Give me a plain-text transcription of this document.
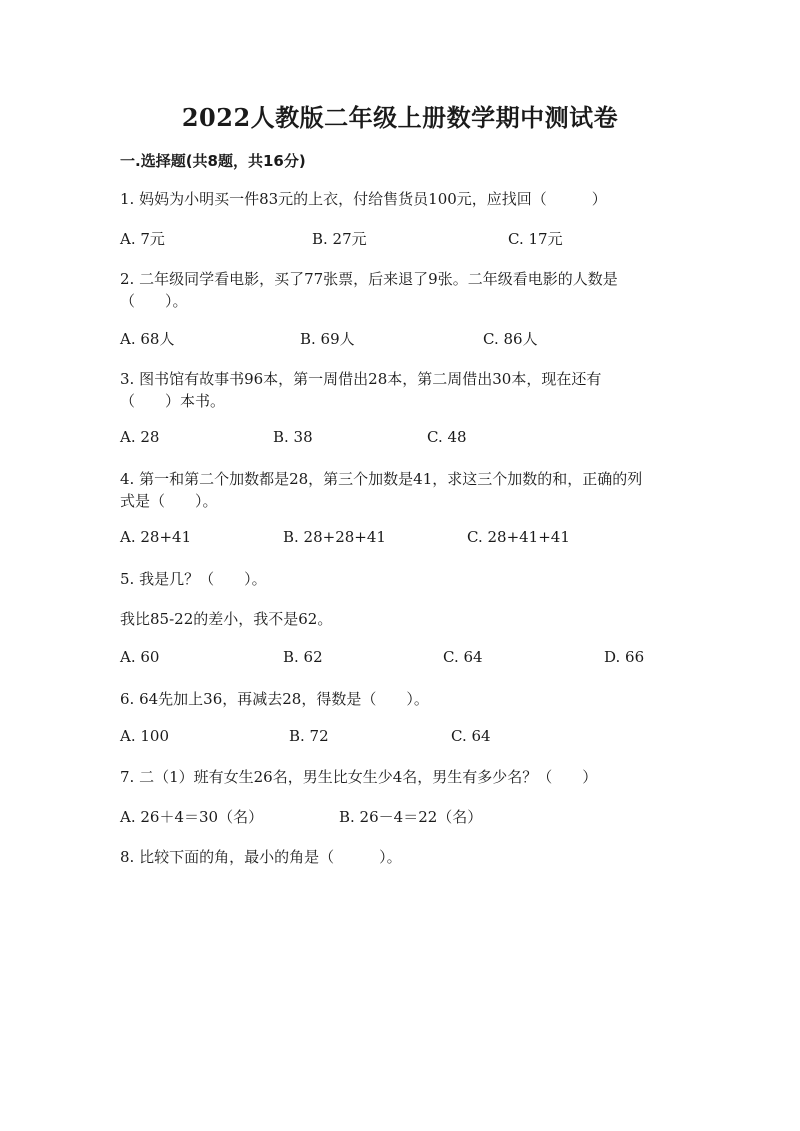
2022人教版二年级上册数学期中测试卷
一.选择题(共8题，共16分)
1. 妈妈为小明买一件83元的上衣，付给售货员100元，应找回（　　　）
A. 7元	B. 27元	C. 17元
2. 二年级同学看电影，买了77张票，后来退了9张。二年级看电影的人数是
（　　）。
A. 68人	B. 69人	C. 86人
3. 图书馆有故事书96本，第一周借出28本，第二周借出30本，现在还有
（　　）本书。
A. 28	B. 38	C. 48
4. 第一和第二个加数都是28，第三个加数是41，求这三个加数的和，正确的列
式是（　　）。
A. 28+41	B. 28+28+41	C. 28+41+41
5. 我是几？（　　）。
我比85-22的差小，我不是62。
A. 60	B. 62	C. 64	D. 66
6. 64先加上36，再减去28，得数是（　　）。
A. 100	B. 72	C. 64
7. 二（1）班有女生26名，男生比女生少4名，男生有多少名？（　　）
A. 26＋4＝30（名）	B. 26－4＝22（名）
8. 比较下面的角，最小的角是（　　　）。
